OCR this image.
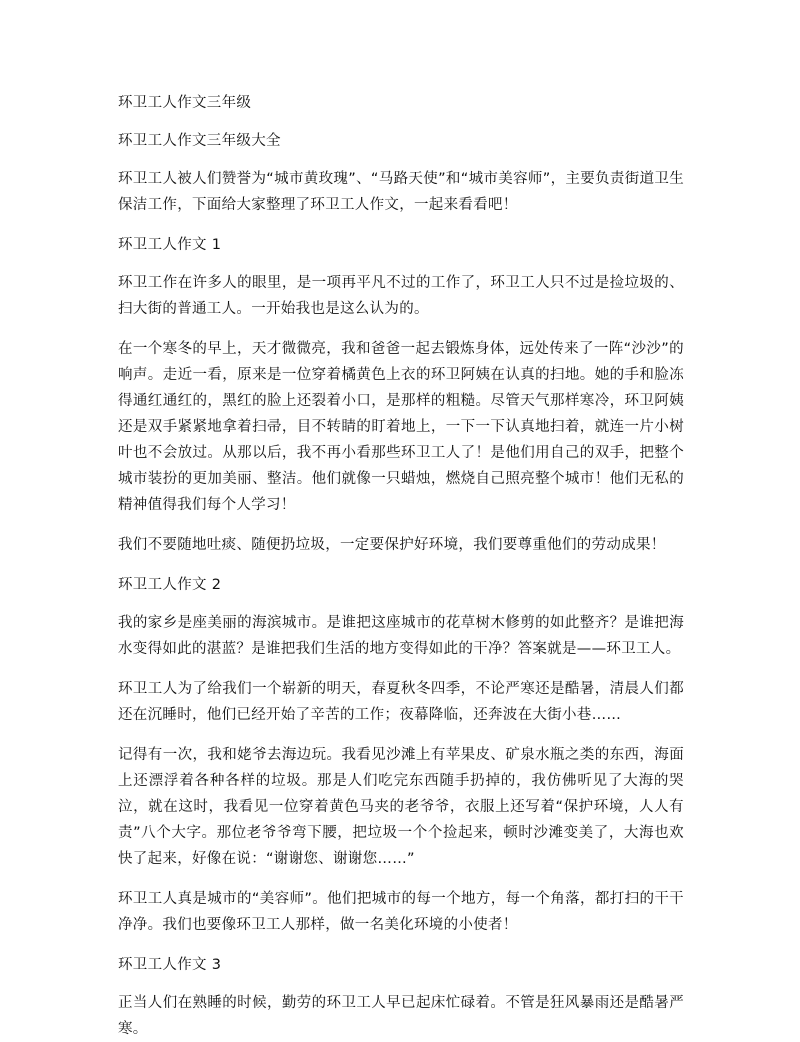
环卫工人作文三年级

环卫工人作文三年级大全

环卫工人被人们赞誉为“城市黄玫瑰”、“马路天使”和“城市美容师”，主要负责街道卫生保洁工作，下面给大家整理了环卫工人作文，一起来看看吧！

环卫工人作文 1

环卫工作在许多人的眼里，是一项再平凡不过的工作了，环卫工人只不过是捡垃圾的、扫大街的普通工人。一开始我也是这么认为的。

在一个寒冬的早上，天才微微亮，我和爸爸一起去锻炼身体，远处传来了一阵“沙沙”的响声。走近一看，原来是一位穿着橘黄色上衣的环卫阿姨在认真的扫地。她的手和脸冻得通红通红的，黑红的脸上还裂着小口，是那样的粗糙。尽管天气那样寒冷，环卫阿姨还是双手紧紧地拿着扫帚，目不转睛的盯着地上，一下一下认真地扫着，就连一片小树叶也不会放过。从那以后，我不再小看那些环卫工人了！是他们用自己的双手，把整个城市装扮的更加美丽、整洁。他们就像一只蜡烛，燃烧自己照亮整个城市！他们无私的精神值得我们每个人学习！

我们不要随地吐痰、随便扔垃圾，一定要保护好环境，我们要尊重他们的劳动成果！

环卫工人作文 2

我的家乡是座美丽的海滨城市。是谁把这座城市的花草树木修剪的如此整齐？是谁把海水变得如此的湛蓝？是谁把我们生活的地方变得如此的干净？答案就是——环卫工人。

环卫工人为了给我们一个崭新的明天，春夏秋冬四季，不论严寒还是酷暑，清晨人们都还在沉睡时，他们已经开始了辛苦的工作；夜幕降临，还奔波在大街小巷……

记得有一次，我和姥爷去海边玩。我看见沙滩上有苹果皮、矿泉水瓶之类的东西，海面上还漂浮着各种各样的垃圾。那是人们吃完东西随手扔掉的，我仿佛听见了大海的哭泣，就在这时，我看见一位穿着黄色马夹的老爷爷，衣服上还写着“保护环境，人人有责”八个大字。那位老爷爷弯下腰，把垃圾一个个捡起来，顿时沙滩变美了，大海也欢快了起来，好像在说：“谢谢您、谢谢您……”

环卫工人真是城市的“美容师”。他们把城市的每一个地方，每一个角落，都打扫的干干净净。我们也要像环卫工人那样，做一名美化环境的小使者！

环卫工人作文 3

正当人们在熟睡的时候，勤劳的环卫工人早已起床忙碌着。不管是狂风暴雨还是酷暑严寒。
